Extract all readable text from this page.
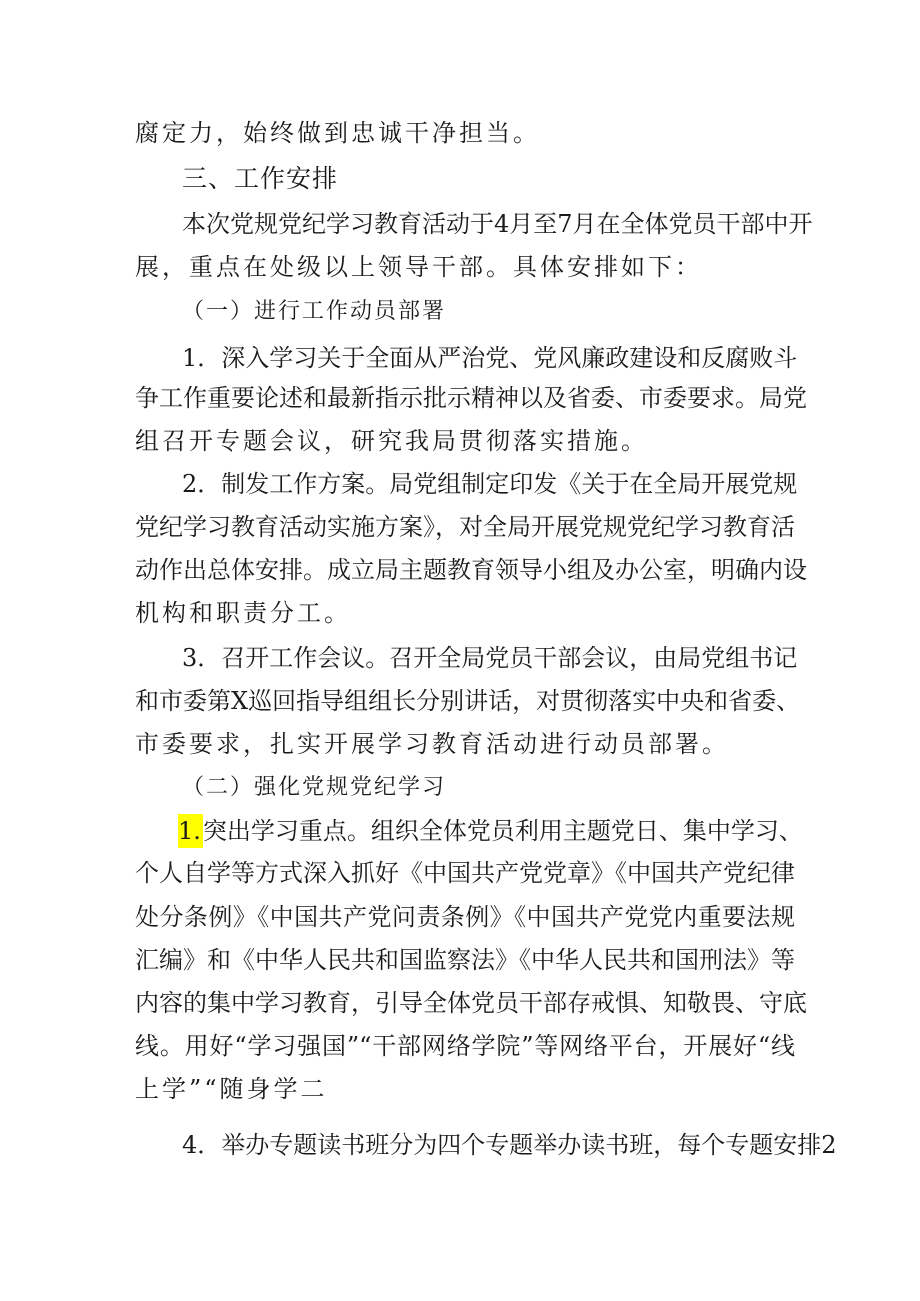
腐定力，始终做到忠诚干净担当。
三、工作安排
本次党规党纪学习教育活动于4月至7月在全体党员干部中开
展，重点在处级以上领导干部。具体安排如下：
（一）进行工作动员部署
1．深入学习关于全面从严治党、党风廉政建设和反腐败斗
争工作重要论述和最新指示批示精神以及省委、市委要求。局党
组召开专题会议，研究我局贯彻落实措施。
2．制发工作方案。局党组制定印发《关于在全局开展党规
党纪学习教育活动实施方案》，对全局开展党规党纪学习教育活
动作出总体安排。成立局主题教育领导小组及办公室，明确内设
机构和职责分工。
3．召开工作会议。召开全局党员干部会议，由局党组书记
和市委第X巡回指导组组长分别讲话，对贯彻落实中央和省委、
市委要求，扎实开展学习教育活动进行动员部署。
（二）强化党规党纪学习
1. 突出学习重点。组织全体党员利用主题党日、集中学习、
个人自学等方式深入抓好《中国共产党党章》《中国共产党纪律
处分条例》《中国共产党问责条例》《中国共产党党内重要法规
汇编》和《中华人民共和国监察法》《中华人民共和国刑法》等
内容的集中学习教育，引导全体党员干部存戒惧、知敬畏、守底
线。用好“学习强国”“干部网络学院”等网络平台，开展好“线
上学”“随身学二
4．举办专题读书班分为四个专题举办读书班，每个专题安排2
